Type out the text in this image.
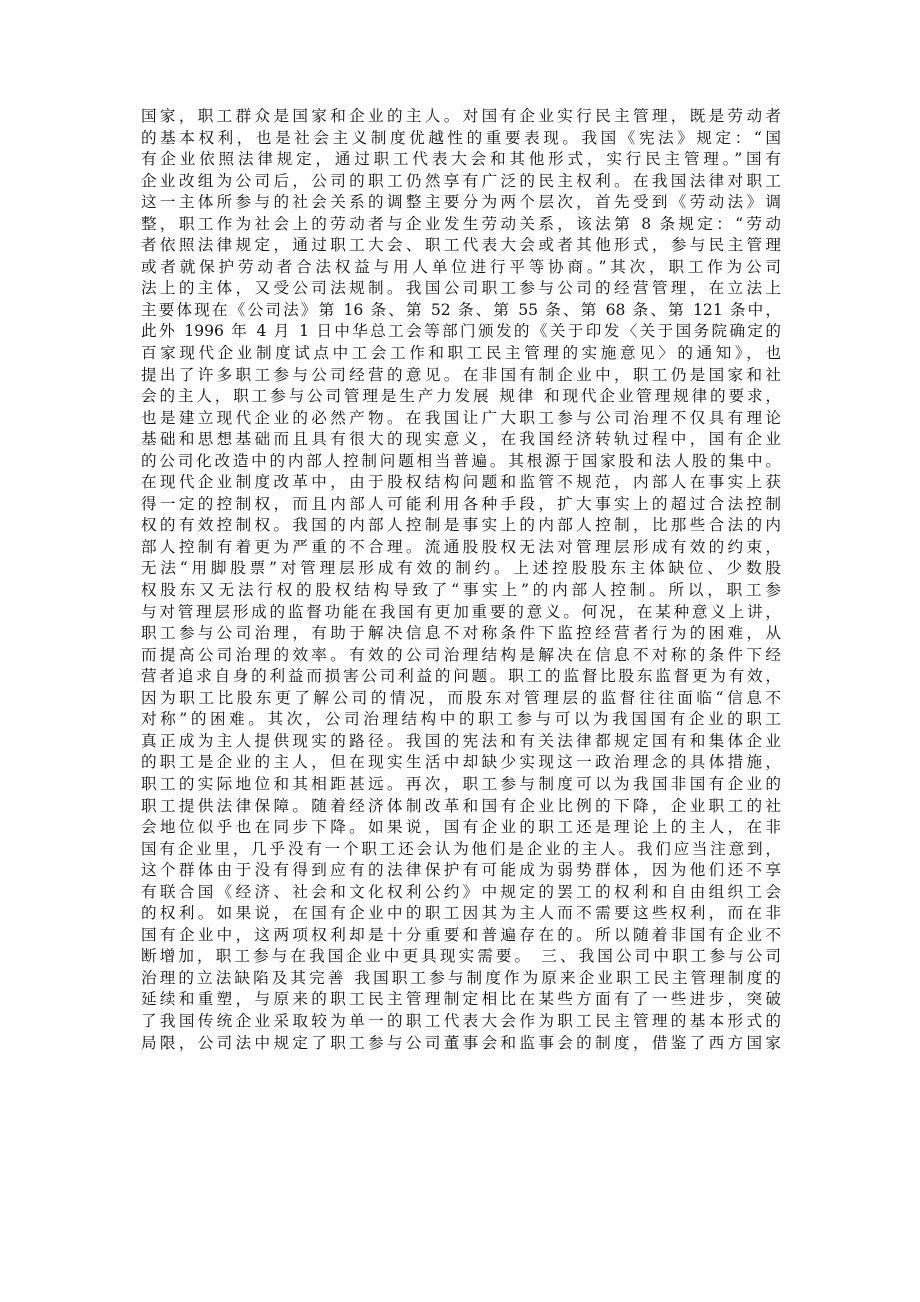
国家，职工群众是国家和企业的主人。对国有企业实行民主管理，既是劳动者
的基本权利，也是社会主义制度优越性的重要表现。我国《宪法》规定：“国
有企业依照法律规定，通过职工代表大会和其他形式，实行民主管理。”国有
企业改组为公司后，公司的职工仍然享有广泛的民主权利。在我国法律对职工
这一主体所参与的社会关系的调整主要分为两个层次，首先受到《劳动法》调
整，职工作为社会上的劳动者与企业发生劳动关系，该法第 8 条规定：“劳动
者依照法律规定，通过职工大会、职工代表大会或者其他形式，参与民主管理
或者就保护劳动者合法权益与用人单位进行平等协商。”其次，职工作为公司
法上的主体，又受公司法规制。我国公司职工参与公司的经营管理，在立法上
主要体现在《公司法》第 16 条、第 52 条、第 55 条、第 68 条、第 121 条中，
此外 1996 年 4 月 1 日中华总工会等部门颁发的《关于印发〈关于国务院确定的
百家现代企业制度试点中工会工作和职工民主管理的实施意见〉的通知》，也
提出了许多职工参与公司经营的意见。在非国有制企业中，职工仍是国家和社
会的主人，职工参与公司管理是生产力发展 规律 和现代企业管理规律的要求，
也是建立现代企业的必然产物。在我国让广大职工参与公司治理不仅具有理论
基础和思想基础而且具有很大的现实意义，在我国经济转轨过程中，国有企业
的公司化改造中的内部人控制问题相当普遍。其根源于国家股和法人股的集中。
在现代企业制度改革中，由于股权结构问题和监管不规范，内部人在事实上获
得一定的控制权，而且内部人可能利用各种手段，扩大事实上的超过合法控制
权的有效控制权。我国的内部人控制是事实上的内部人控制，比那些合法的内
部人控制有着更为严重的不合理。流通股股权无法对管理层形成有效的约束，
无法“用脚股票”对管理层形成有效的制约。上述控股股东主体缺位、少数股
权股东又无法行权的股权结构导致了“事实上”的内部人控制。所以，职工参
与对管理层形成的监督功能在我国有更加重要的意义。何况，在某种意义上讲，
职工参与公司治理，有助于解决信息不对称条件下监控经营者行为的困难，从
而提高公司治理的效率。有效的公司治理结构是解决在信息不对称的条件下经
营者追求自身的利益而损害公司利益的问题。职工的监督比股东监督更为有效，
因为职工比股东更了解公司的情况，而股东对管理层的监督往往面临“信息不
对称”的困难。其次，公司治理结构中的职工参与可以为我国国有企业的职工
真正成为主人提供现实的路径。我国的宪法和有关法律都规定国有和集体企业
的职工是企业的主人，但在现实生活中却缺少实现这一政治理念的具体措施，
职工的实际地位和其相距甚远。再次，职工参与制度可以为我国非国有企业的
职工提供法律保障。随着经济体制改革和国有企业比例的下降，企业职工的社
会地位似乎也在同步下降。如果说，国有企业的职工还是理论上的主人，在非
国有企业里，几乎没有一个职工还会认为他们是企业的主人。我们应当注意到，
这个群体由于没有得到应有的法律保护有可能成为弱势群体，因为他们还不享
有联合国《经济、社会和文化权利公约》中规定的罢工的权利和自由组织工会
的权利。如果说，在国有企业中的职工因其为主人而不需要这些权利，而在非
国有企业中，这两项权利却是十分重要和普遍存在的。所以随着非国有企业不
断增加，职工参与在我国企业中更具现实需要。 三、我国公司中职工参与公司
治理的立法缺陷及其完善 我国职工参与制度作为原来企业职工民主管理制度的
延续和重塑，与原来的职工民主管理制定相比在某些方面有了一些进步，突破
了我国传统企业采取较为单一的职工代表大会作为职工民主管理的基本形式的
局限，公司法中规定了职工参与公司董事会和监事会的制度，借鉴了西方国家
